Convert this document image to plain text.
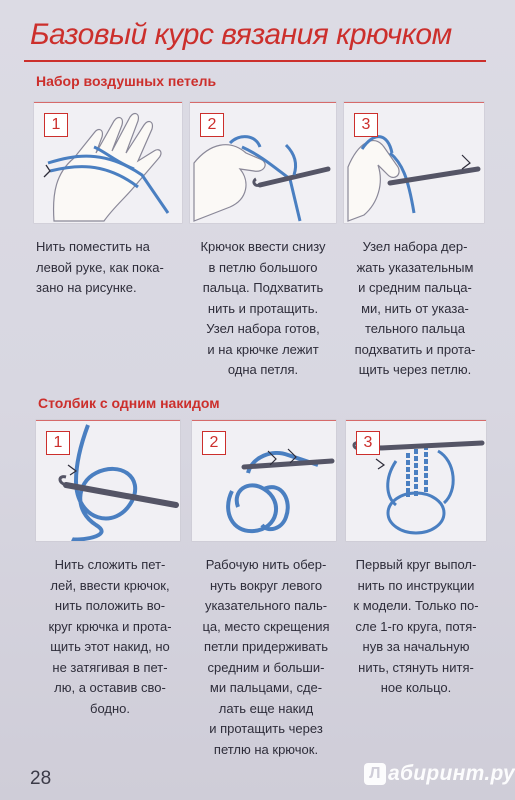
Базовый курс вязания крючком
Набор воздушных петель
1	2	3
Нить поместить на
левой руке, как пока-
зано на рисунке.
Крючок ввести снизу
в петлю большого
пальца. Подхватить
нить и протащить.
Узел набора готов,
и на крючке лежит
одна петля.
Узел набора дер-
жать указательным
и средним пальца-
ми, нить от указа-
тельного пальца
подхватить и прота-
щить через петлю.
Столбик с одним накидом
1	2	3
Нить сложить пет-
лей, ввести крючок,
нить положить во-
круг крючка и прота-
щить этот накид, но
не затягивая в пет-
лю, а оставив сво-
бодно.
Рабочую нить обер-
нуть вокруг левого
указательного паль-
ца, место скрещения
петли придерживать
средним и больши-
ми пальцами, сде-
лать еще накид
и протащить через
петлю на крючок.
Первый круг выпол-
нить по инструкции
к модели. Только по-
сле 1-го круга, потя-
нув за начальную
нить, стянуть нитя-
ное кольцо.
28	Л абиринт.ру
